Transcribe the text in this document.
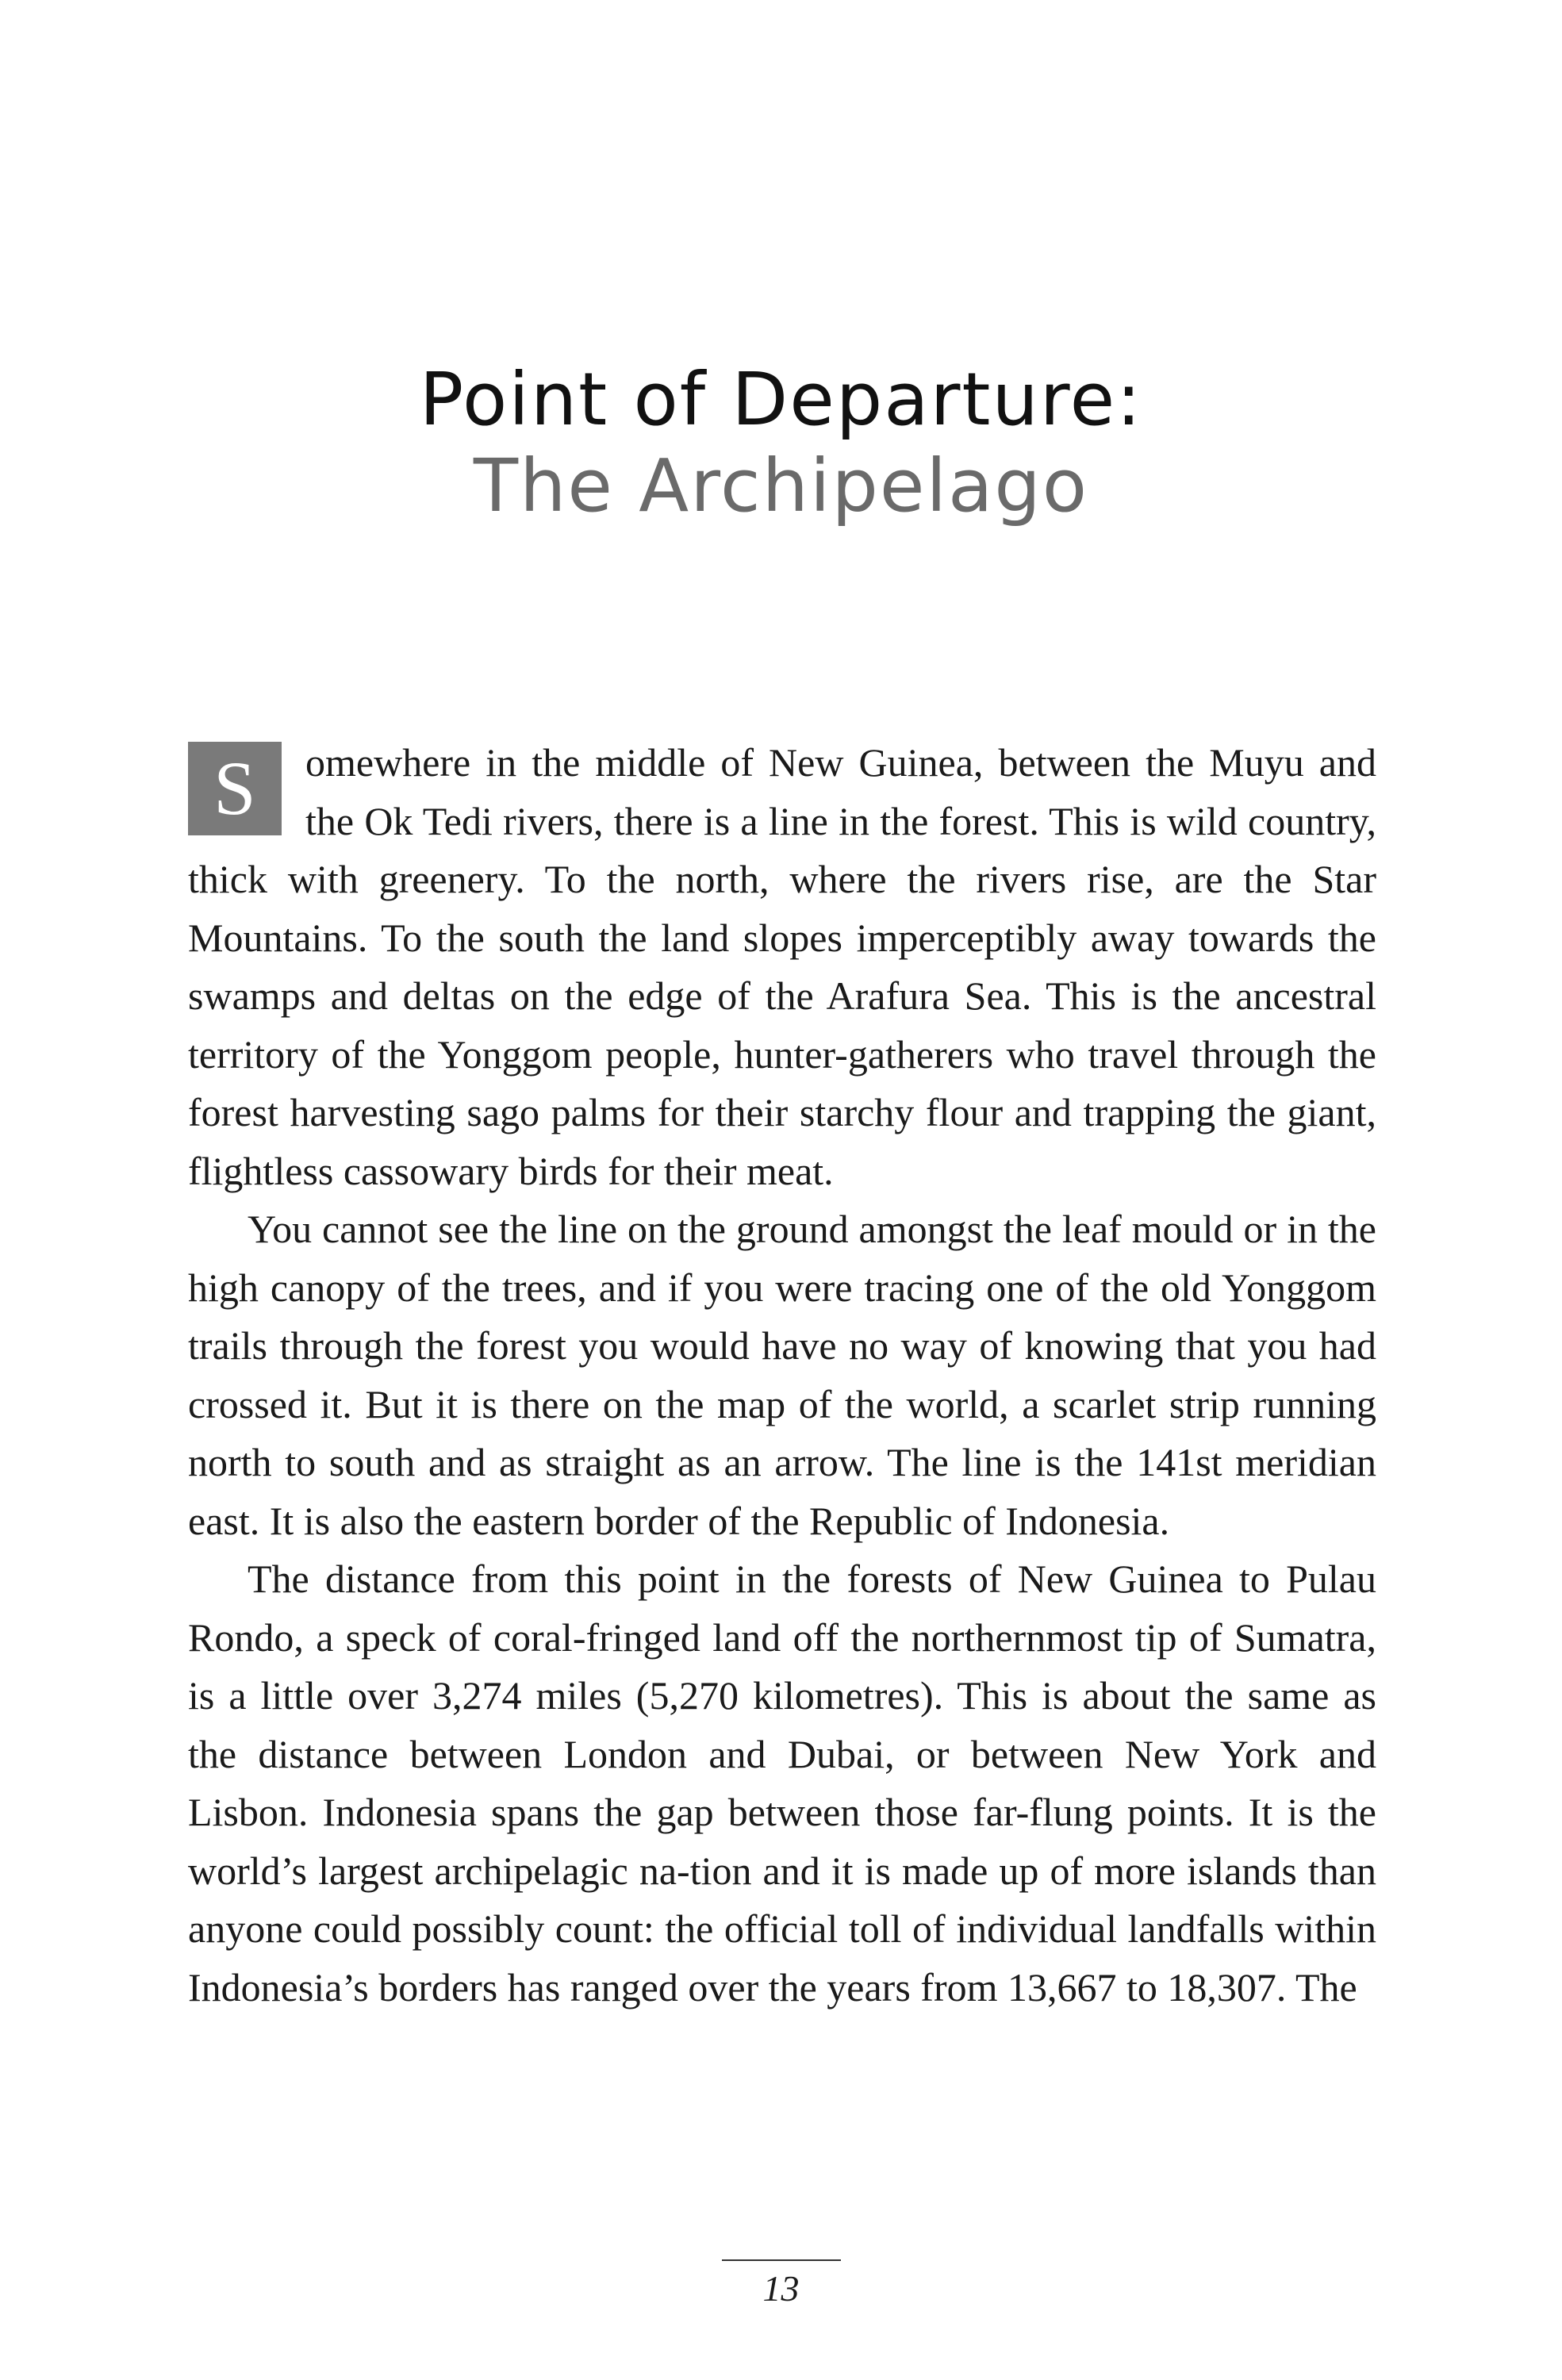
Point of Departure:
The Archipelago

S	omewhere in the middle of New Guinea, between the Muyu and the Ok Tedi rivers, there is a line in the forest. This is wild country, thick with greenery. To the north, where the rivers rise, are the Star Mountains. To the south the land slopes imperceptibly away towards the swamps and deltas on the edge of the Arafura Sea. This is the ancestral territory of the Yonggom people, hunter-gatherers who travel through the forest harvesting sago palms for their starchy flour and trapping the giant, flightless cassowary birds for their meat.

You cannot see the line on the ground amongst the leaf mould or in the high canopy of the trees, and if you were tracing one of the old Yonggom trails through the forest you would have no way of knowing that you had crossed it. But it is there on the map of the world, a scarlet strip running north to south and as straight as an arrow. The line is the 141st meridian east. It is also the eastern border of the Republic of Indonesia.

The distance from this point in the forests of New Guinea to Pulau Rondo, a speck of coral-fringed land off the northernmost tip of Sumatra, is a little over 3,274 miles (5,270 kilometres). This is about the same as the distance between London and Dubai, or between New York and Lisbon. Indonesia spans the gap between those far-flung points. It is the world’s largest archipelagic na-tion and it is made up of more islands than anyone could possibly count: the official toll of individual landfalls within Indonesia’s borders has ranged over the years from 13,667 to 18,307. The

13
